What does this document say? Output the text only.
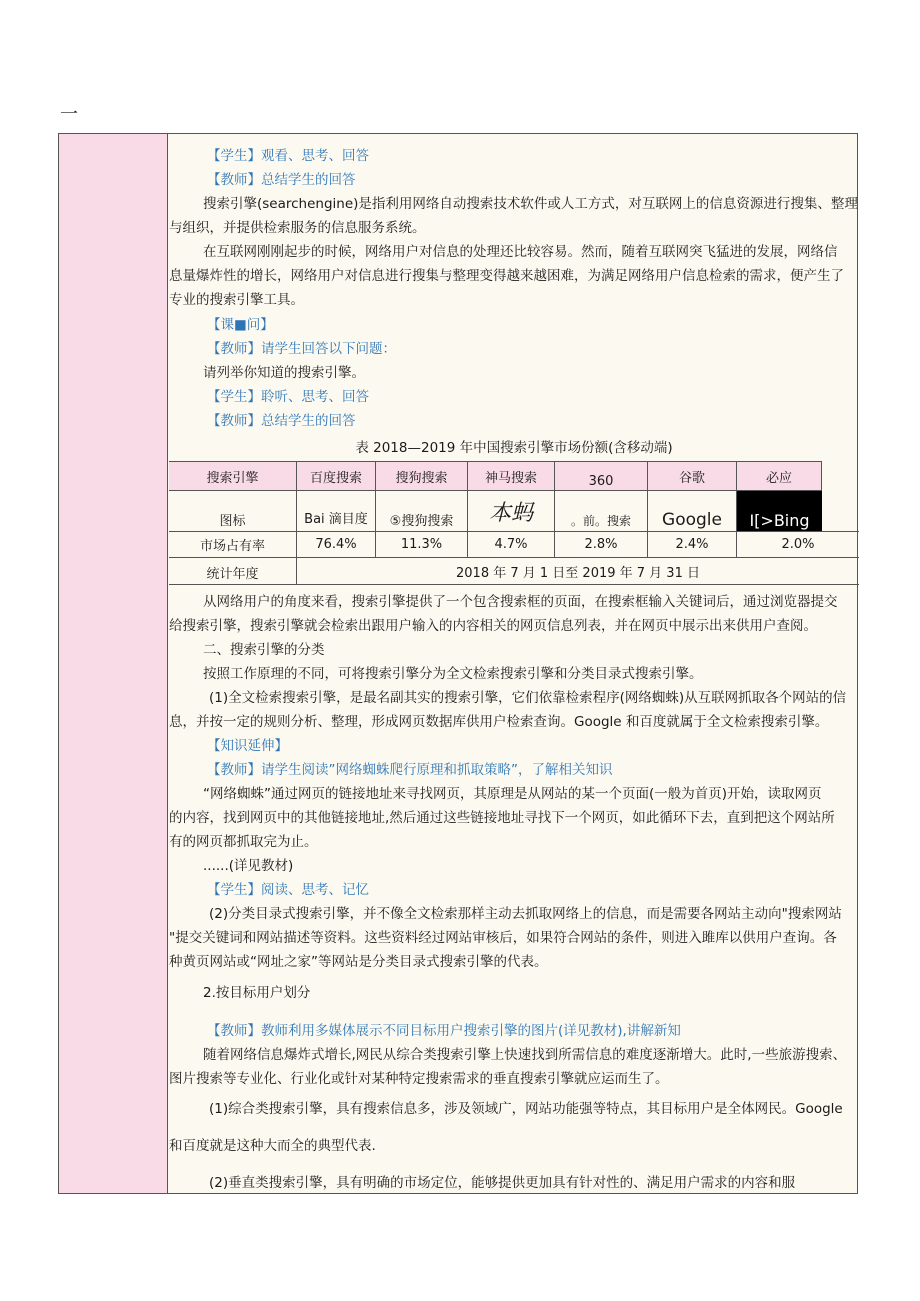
一
【学生】观看、思考、回答
【教师】总结学生的回答
搜索引擎(searchengine)是指利用网络自动搜索技术软件或人工方式，对互联网上的信息资源进行搜集、整理
与组织，并提供检索服务的信息服务系统。
在互联网刚刚起步的时候，网络用户对信息的处理还比较容易。然而，随着互联网突飞猛进的发展，网络信
息量爆炸性的增长，网络用户对信息进行搜集与整理变得越来越困难，为满足网络用户信息检索的需求，便产生了
专业的搜索引擎工具。
【课■问】
【教师】请学生回答以下问题：
请列举你知道的搜索引擎。
【学生】聆听、思考、回答
【教师】总结学生的回答
表 2018—2019 年中国搜索引擎市场份额(含移动端)
搜索引擎	百度搜索	搜狗搜索	神马搜索	360	谷歌	必应
图标	Bai 滴目度	⑤搜狗搜索	本蚂	。前。搜索	Google	I[>Bing
市场占有率	76.4%	11.3%	4.7%	2.8%	2.4%	2.0%
统计年度	2018 年 7 月 1 日至 2019 年 7 月 31 日
从网络用户的角度来看，搜索引擎提供了一个包含搜索框的页面，在搜索框输入关键词后，通过浏览器提交
给搜索引擎，搜索引擎就会检索出跟用户输入的内容相关的网页信息列表，并在网页中展示出来供用户查阅。
二、搜索引擎的分类
按照工作原理的不同，可将搜索引擎分为全文检索搜索引擎和分类目录式搜索引擎。
(1)全文检索搜索引擎，是最名副其实的搜索引擎，它们依靠检索程序(网络蜘蛛)从互联网抓取各个网站的信
息，并按一定的规则分析、整理，形成网页数据库供用户检索查询。Google 和百度就属于全文检索搜索引擎。
【知识延伸】
【教师】请学生阅读”网络蜘蛛爬行原理和抓取策略”，了解相关知识
“网络蜘蛛”通过网页的链接地址来寻找网页，其原理是从网站的某一个页面(一般为首页)开始，读取网页
的内容，找到网页中的其他链接地址,然后通过这些链接地址寻找下一个网页，如此循环下去，直到把这个网站所
有的网页都抓取完为止。
......(详见教材)
【学生】阅读、思考、记忆
(2)分类目录式搜索引擎，并不像全文检索那样主动去抓取网络上的信息，而是需要各网站主动向"搜索网站
"提交关键词和网站描述等资料。这些资料经过网站审核后，如果符合网站的条件，则进入雎库以供用户查询。各
种黄页网站或“网址之家”等网站是分类目录式搜索引擎的代表。
2.按目标用户划分
【教师】教师利用多媒体展示不同目标用户搜索引擎的图片(详见教材),讲解新知
随着网络信息爆炸式增长,网民从综合类搜索引擎上快速找到所需信息的难度逐渐增大。此时,一些旅游搜索、
图片搜索等专业化、行业化或针对某种特定搜索需求的垂直搜索引擎就应运而生了。
(1)综合类搜索引擎，具有搜索信息多，涉及领域广，网站功能强等特点，其目标用户是全体网民。Google
和百度就是这种大而全的典型代表.
(2)垂直类搜索引擎，具有明确的市场定位，能够提供更加具有针对性的、满足用户需求的内容和服
